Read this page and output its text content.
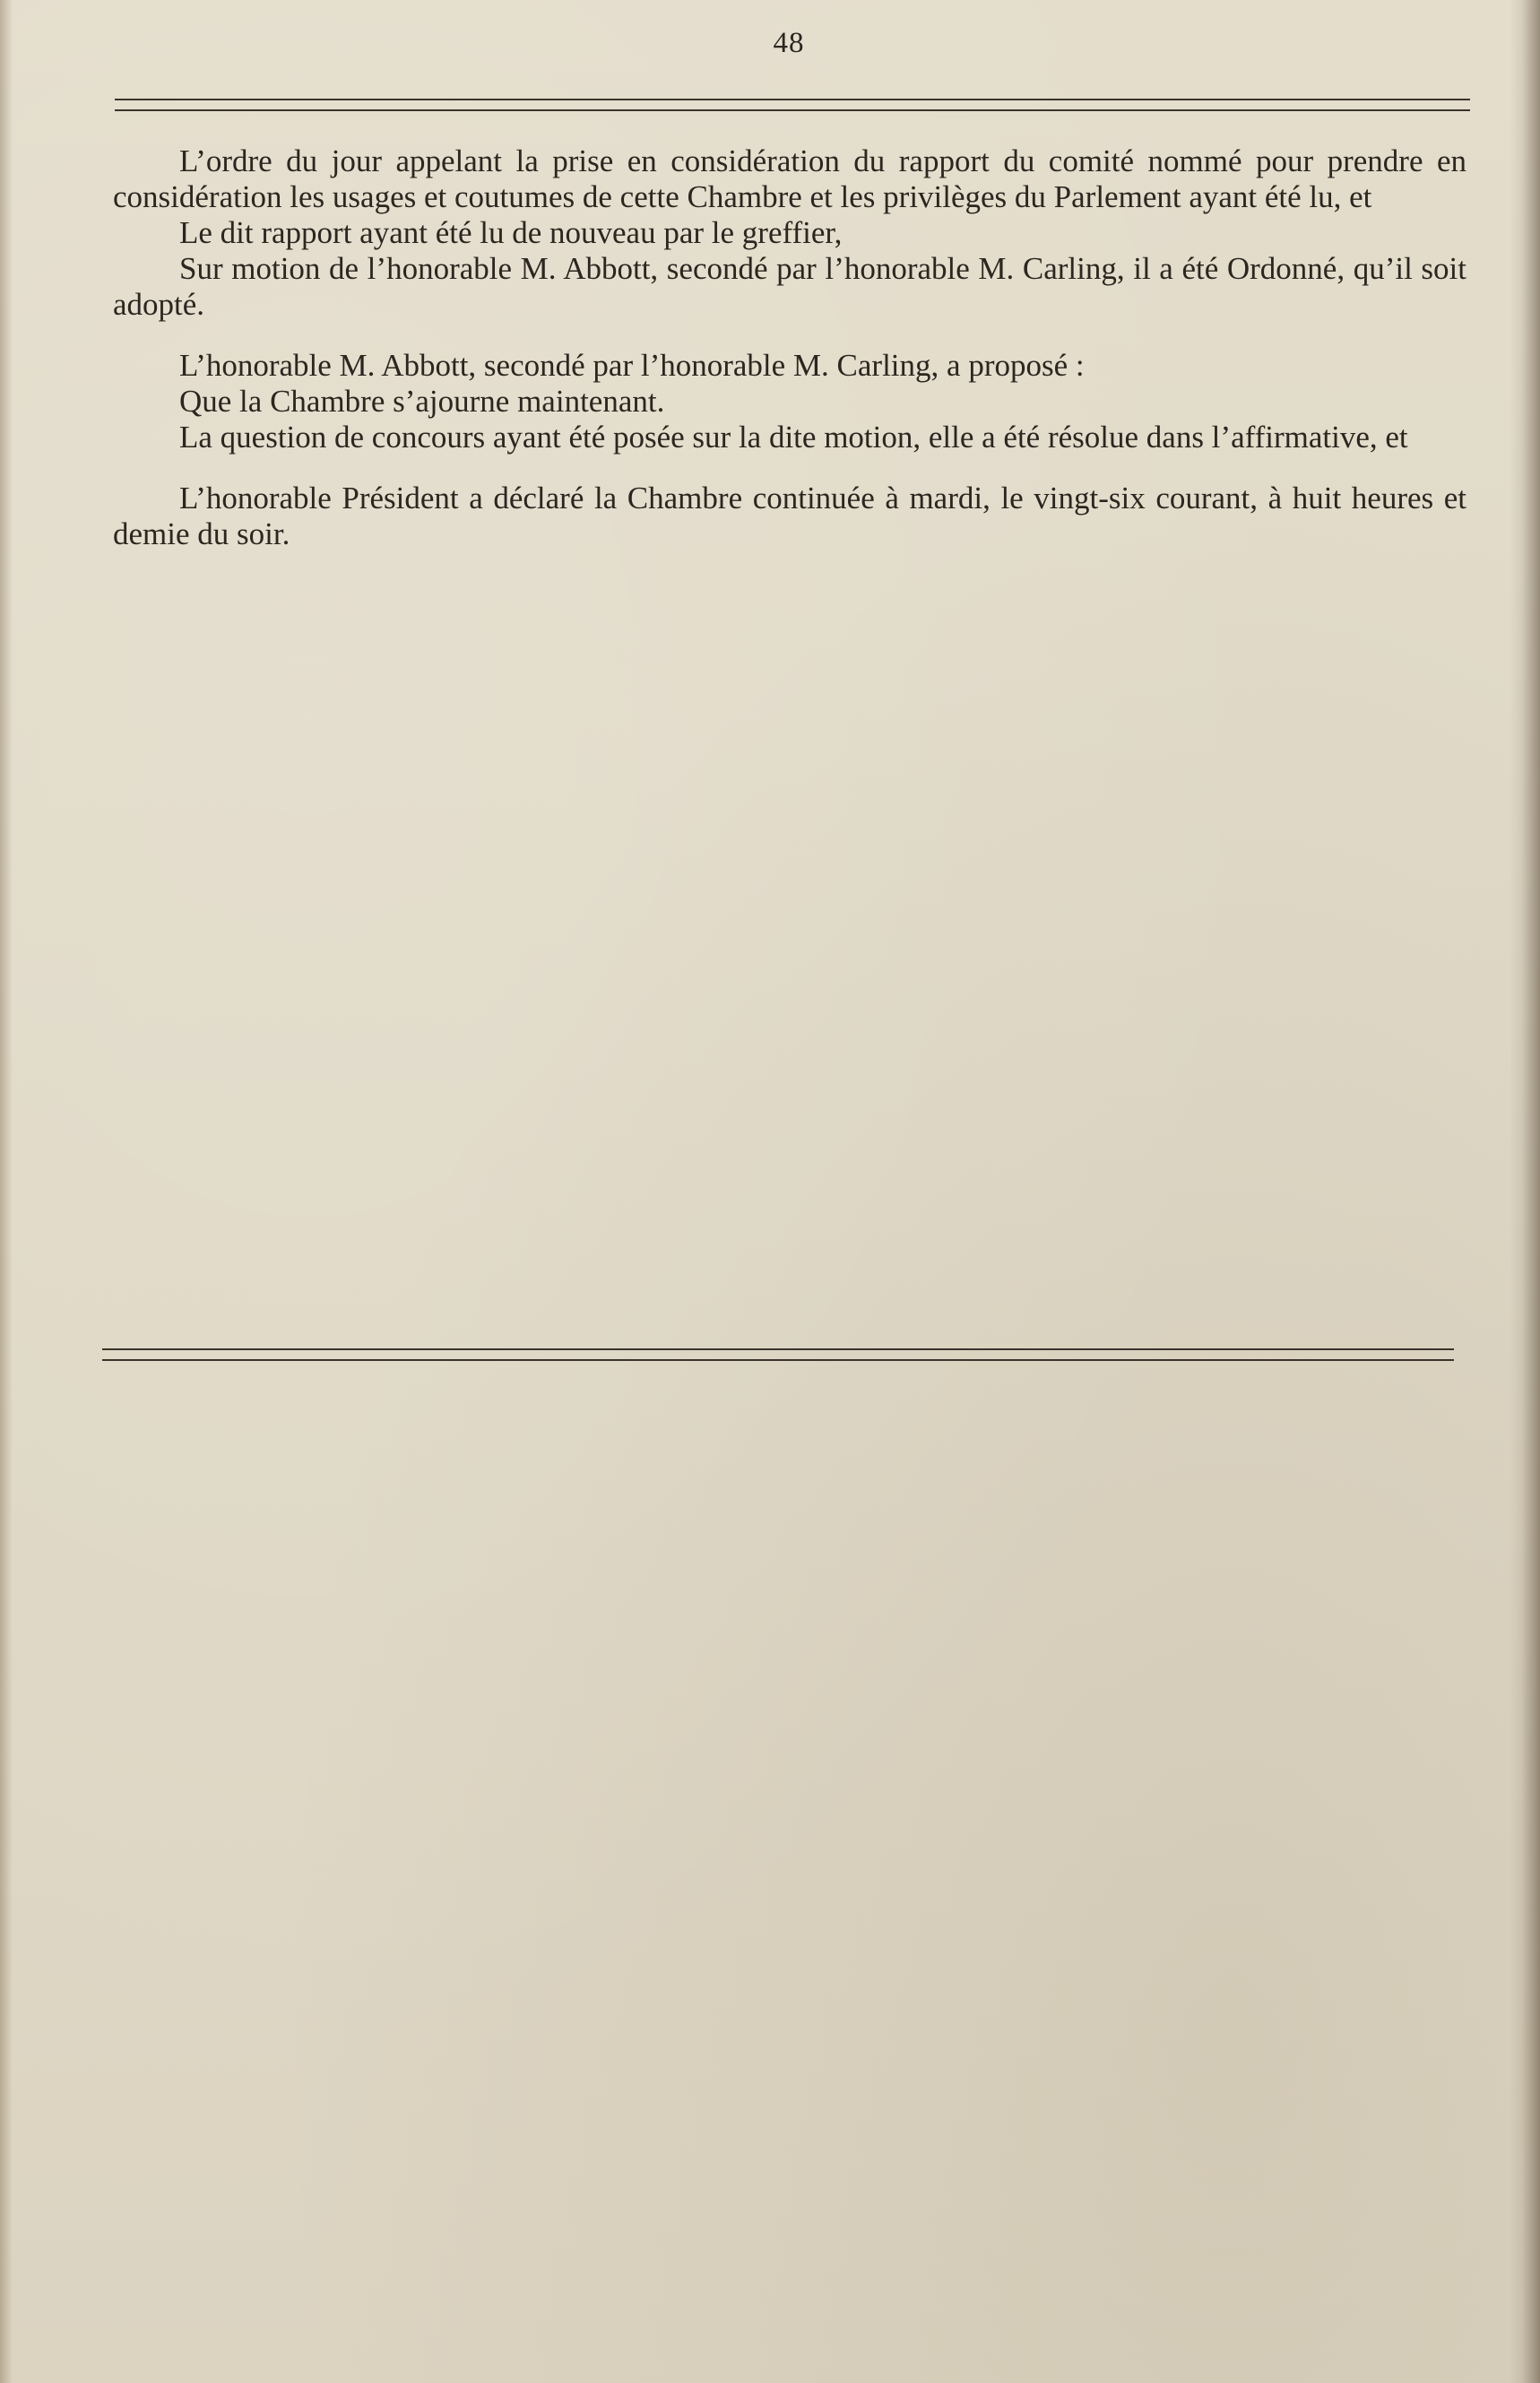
48

L’ordre du jour appelant la prise en considération du rapport du comité nommé pour prendre en considération les usages et coutumes de cette Chambre et les privilèges du Parlement ayant été lu, et

Le dit rapport ayant été lu de nouveau par le greffier,

Sur motion de l’honorable M. Abbott, secondé par l’honorable M. Carling, il a été Ordonné, qu’il soit adopté.

L’honorable M. Abbott, secondé par l’honorable M. Carling, a proposé :

Que la Chambre s’ajourne maintenant.

La question de concours ayant été posée sur la dite motion, elle a été résolue dans l’affirmative, et

L’honorable Président a déclaré la Chambre continuée à mardi, le vingt-six courant, à huit heures et demie du soir.
